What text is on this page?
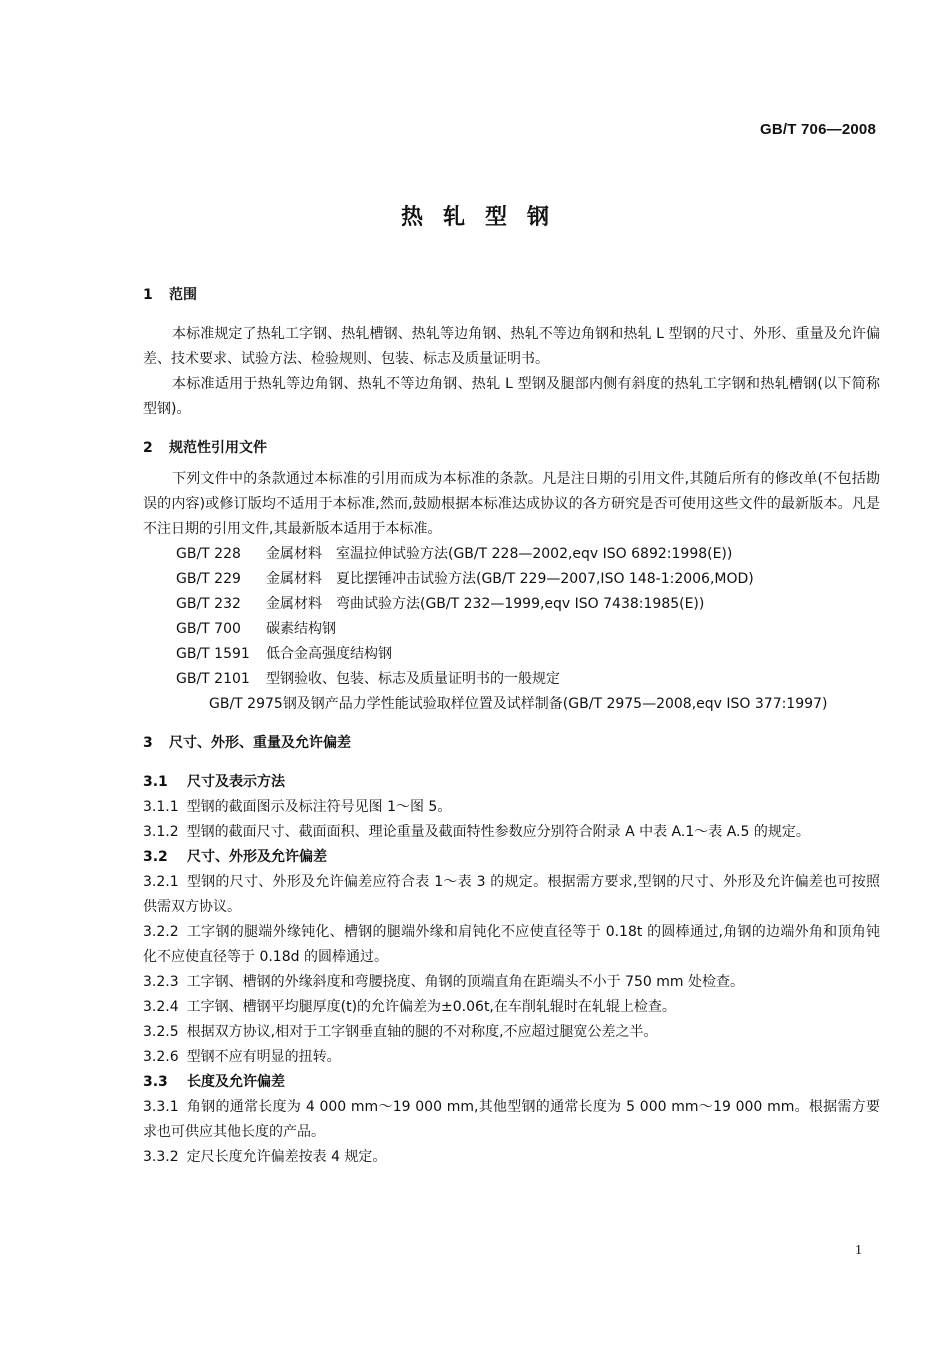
GB/T 706—2008
热轧型钢

1 范围

本标准规定了热轧工字钢、热轧槽钢、热轧等边角钢、热轧不等边角钢和热轧 L 型钢的尺寸、外形、重量及允许偏差、技术要求、试验方法、检验规则、包装、标志及质量证明书。

本标准适用于热轧等边角钢、热轧不等边角钢、热轧 L 型钢及腿部内侧有斜度的热轧工字钢和热轧槽钢(以下简称型钢)。

2 规范性引用文件

下列文件中的条款通过本标准的引用而成为本标准的条款。凡是注日期的引用文件,其随后所有的修改单(不包括勘误的内容)或修订版均不适用于本标准,然而,鼓励根据本标准达成协议的各方研究是否可使用这些文件的最新版本。凡是不注日期的引用文件,其最新版本适用于本标准。

GB/T 228 金属材料　室温拉伸试验方法(GB/T 228—2002,eqv ISO 6892:1998(E))

GB/T 229 金属材料　夏比摆锤冲击试验方法(GB/T 229—2007,ISO 148-1:2006,MOD)

GB/T 232 金属材料　弯曲试验方法(GB/T 232—1999,eqv ISO 7438:1985(E))

GB/T 700 碳素结构钢

GB/T 1591 低合金高强度结构钢

GB/T 2101 型钢验收、包装、标志及质量证明书的一般规定

GB/T 2975钢及钢产品力学性能试验取样位置及试样制备(GB/T 2975—2008,eqv ISO 377:1997)

3 尺寸、外形、重量及允许偏差

3.1 尺寸及表示方法

3.1.1 型钢的截面图示及标注符号见图 1～图 5。

3.1.2 型钢的截面尺寸、截面面积、理论重量及截面特性参数应分别符合附录 A 中表 A.1～表 A.5 的规定。

3.2 尺寸、外形及允许偏差

3.2.1 型钢的尺寸、外形及允许偏差应符合表 1～表 3 的规定。根据需方要求,型钢的尺寸、外形及允许偏差也可按照供需双方协议。

3.2.2 工字钢的腿端外缘钝化、槽钢的腿端外缘和肩钝化不应使直径等于 0.18t 的圆棒通过,角钢的边端外角和顶角钝化不应使直径等于 0.18d 的圆棒通过。

3.2.3 工字钢、槽钢的外缘斜度和弯腰挠度、角钢的顶端直角在距端头不小于 750 mm 处检查。

3.2.4 工字钢、槽钢平均腿厚度(t)的允许偏差为±0.06t,在车削轧辊时在轧辊上检查。

3.2.5 根据双方协议,相对于工字钢垂直轴的腿的不对称度,不应超过腿宽公差之半。

3.2.6 型钢不应有明显的扭转。

3.3 长度及允许偏差

3.3.1 角钢的通常长度为 4 000 mm～19 000 mm,其他型钢的通常长度为 5 000 mm～19 000 mm。根据需方要求也可供应其他长度的产品。

3.3.2 定尺长度允许偏差按表 4 规定。

1
